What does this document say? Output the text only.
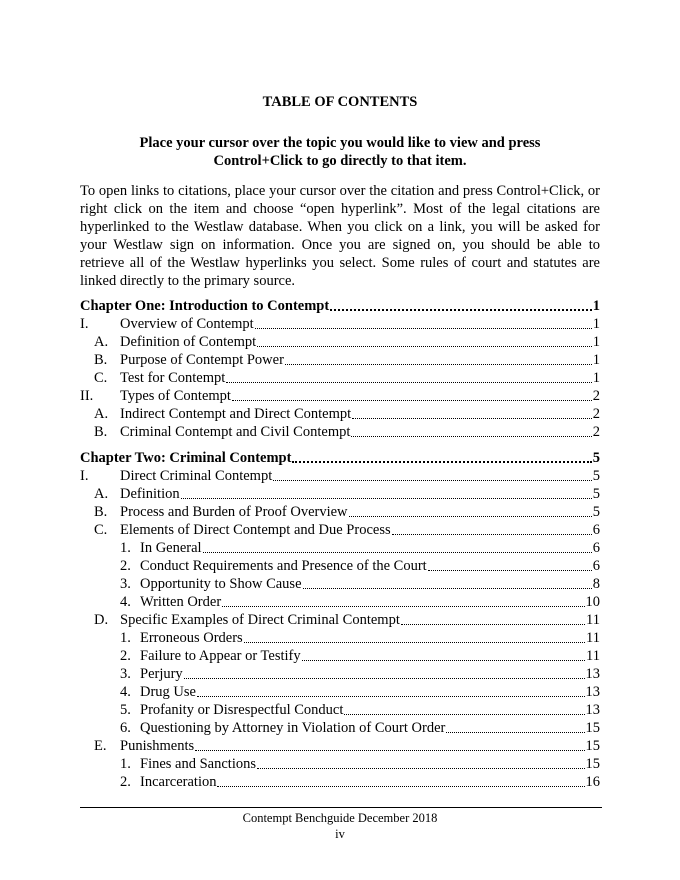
TABLE OF CONTENTS
Place your cursor over the topic you would like to view and press
Control+Click to go directly to that item.

To open links to citations, place your cursor over the citation and press Control+Click, or right click on the item and choose “open hyperlink”. Most of the legal citations are hyperlinked to the Westlaw database. When you click on a link, you will be asked for your Westlaw sign on information. Once you are signed on, you should be able to retrieve all of the Westlaw hyperlinks you select. Some rules of court and statutes are linked directly to the primary source.

Chapter One: Introduction to Contempt	1
I.	Overview of Contempt	1
A. Definition of Contempt	1
B. Purpose of Contempt Power	1
C. Test for Contempt	1
II.	Types of Contempt	2
A. Indirect Contempt and Direct Contempt	2
B. Criminal Contempt and Civil Contempt	2
Chapter Two: Criminal Contempt	5
I.	Direct Criminal Contempt	5
A. Definition	5
B. Process and Burden of Proof Overview	5
C. Elements of Direct Contempt and Due Process	6
1. In General	6
2. Conduct Requirements and Presence of the Court	6
3. Opportunity to Show Cause	8
4. Written Order	10
D. Specific Examples of Direct Criminal Contempt	11
1. Erroneous Orders	11
2. Failure to Appear or Testify	11
3. Perjury	13
4. Drug Use	13
5. Profanity or Disrespectful Conduct	13
6. Questioning by Attorney in Violation of Court Order	15
E. Punishments	15
1. Fines and Sanctions	15
2. Incarceration	16
Contempt Benchguide December 2018
iv
